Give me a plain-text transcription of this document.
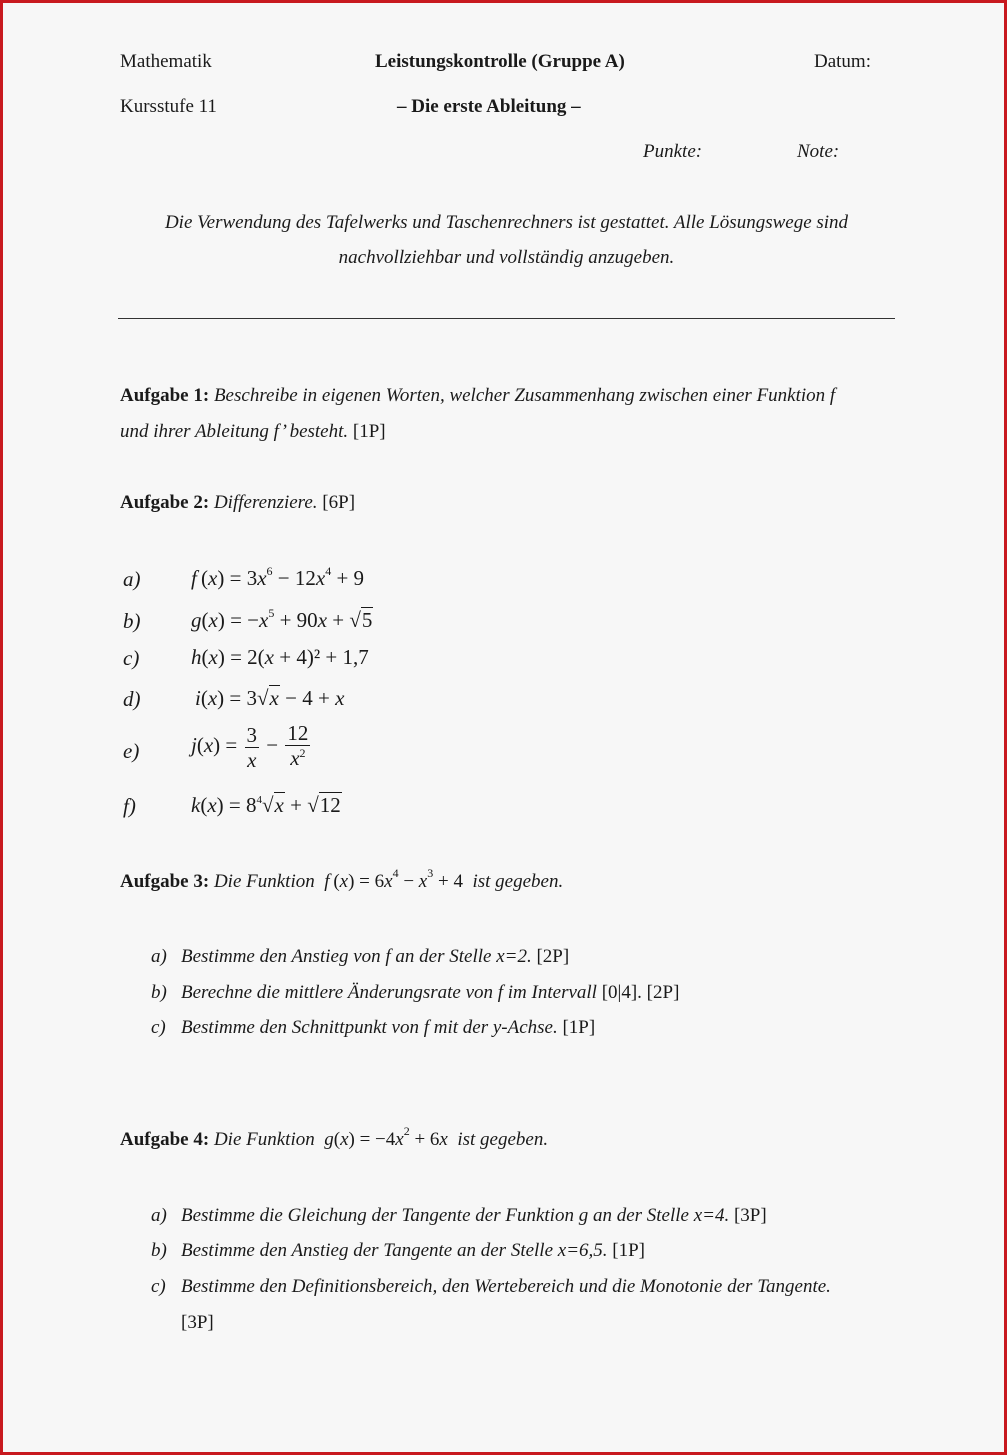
Mathematik	Leistungskontrolle (Gruppe A)	Datum:
Kursstufe 11	– Die erste Ableitung –
Punkte:	Note:
Die Verwendung des Tafelwerks und Taschenrechners ist gestattet. Alle Lösungswege sind
nachvollziehbar und vollständig anzugeben.
Aufgabe 1: Beschreibe in eigenen Worten, welcher Zusammenhang zwischen einer Funktion f
und ihrer Ableitung f’ besteht. [1P]
Aufgabe 2: Differenziere. [6P]
a) f $(x) = 3x^6 - 12x^4 + 9$
b) $g(x) = -x^5 + 90x + √5$
c) h(x) = 2(x + 4)² + 1,7
d)	i(x) = 3√x − 4 + x
e) $j(x) = \frac{3}{x} - \frac{12}{x^2}$
f)	$k(x) = 8^4√x + √12$
Aufgabe 3: Die Funktion f $(x) = 6x^4 - x^3 + 4$  ist gegeben.
a) Bestimme den Anstieg von f an der Stelle x=2. [2P]
b) Berechne die mittlere Änderungsrate von f im Intervall [0|4]. [2P]
c) Bestimme den Schnittpunkt von f mit der y-Achse. [1P]
Aufgabe 4: Die Funktion $g(x) = -4x^2 + 6x$ ist gegeben.
a) Bestimme die Gleichung der Tangente der Funktion g an der Stelle x=4. [3P]
b) Bestimme den Anstieg der Tangente an der Stelle x=6,5. [1P]
c) Bestimme den Definitionsbereich, den Wertebereich und die Monotonie der Tangente.
[3P]
